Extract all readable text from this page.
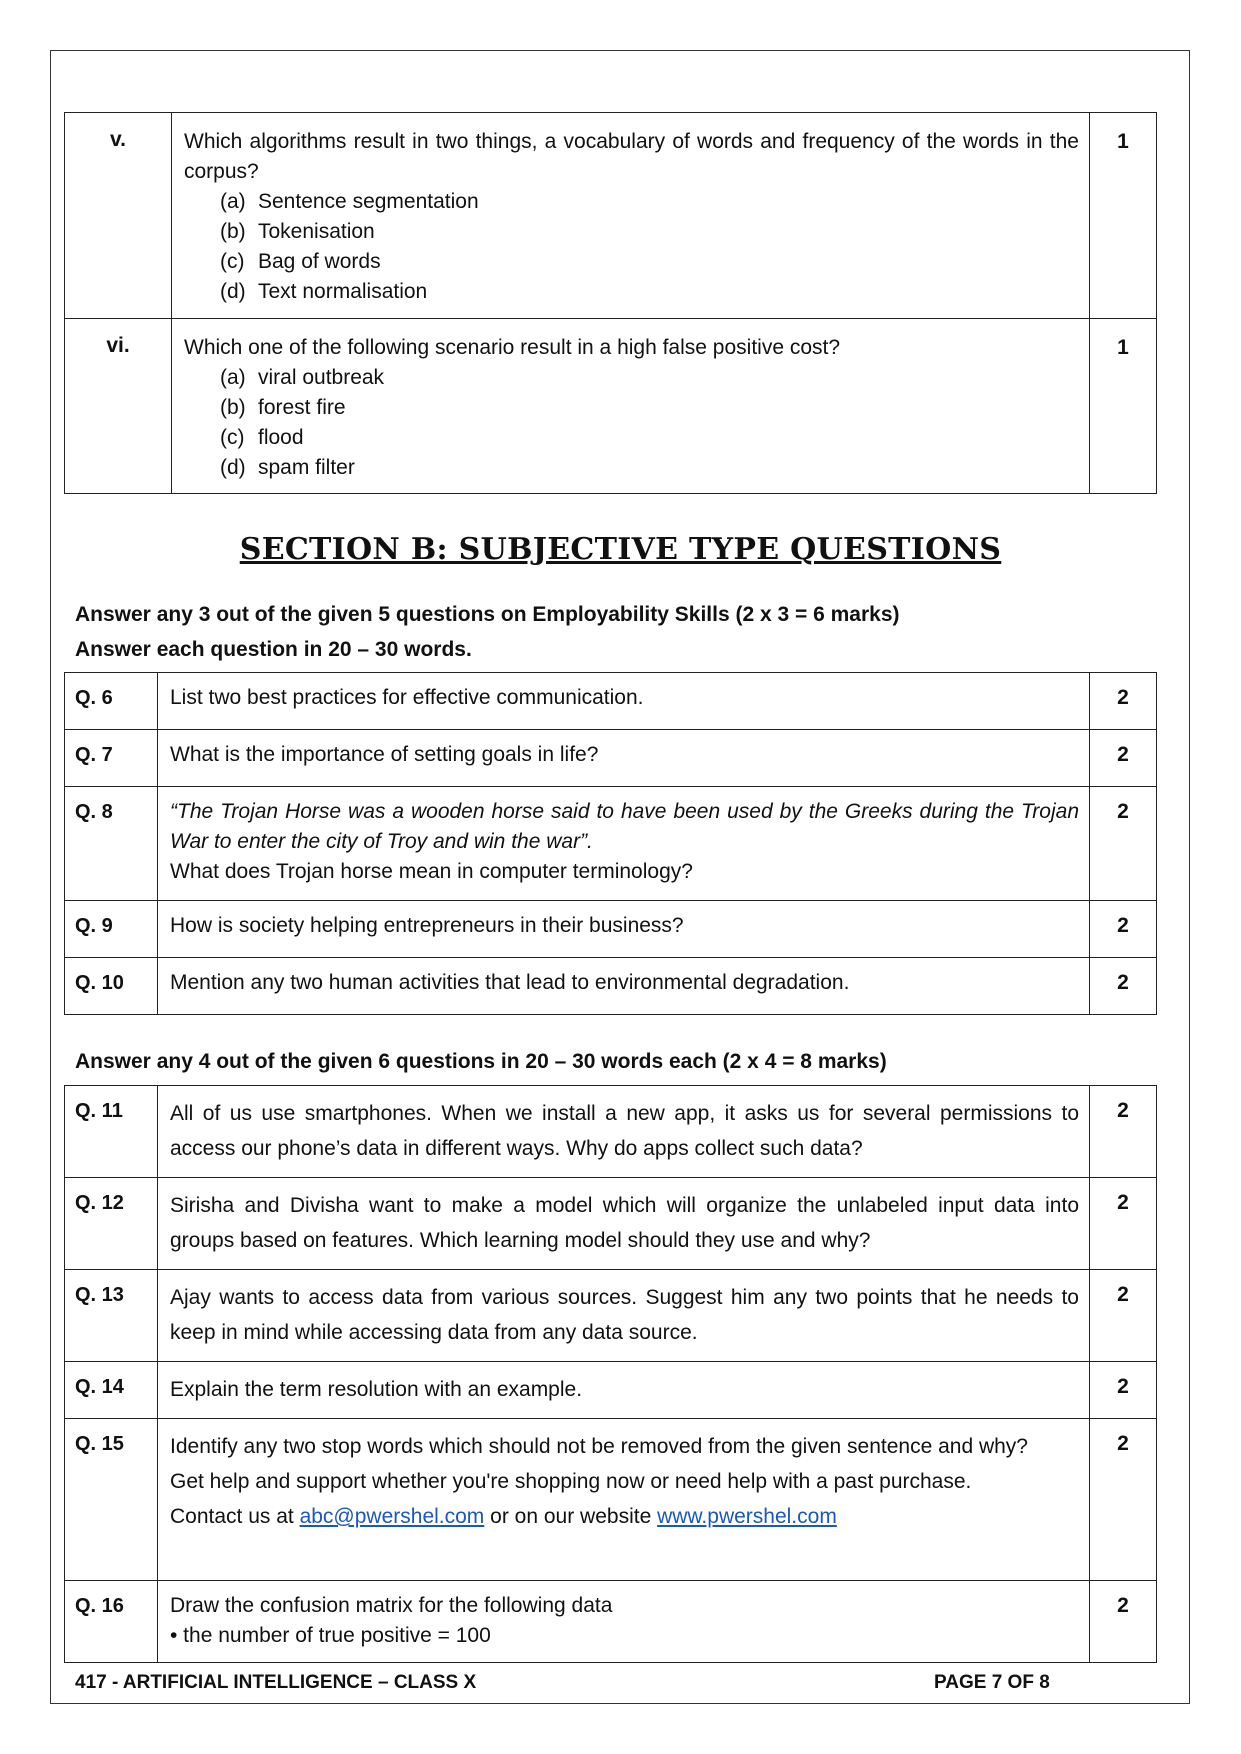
v.	Which algorithms result in two things, a vocabulary of words and frequency of the words in the corpus?
(a) Sentence segmentation
(b) Tokenisation
(c) Bag of words
(d) Text normalisation	1
vi.	Which one of the following scenario result in a high false positive cost?
(a) viral outbreak
(b) forest fire
(c) flood
(d) spam filter	1
SECTION B: SUBJECTIVE TYPE QUESTIONS
Answer any 3 out of the given 5 questions on Employability Skills (2 x 3 = 6 marks)
Answer each question in 20 – 30 words.
Q. 6	List two best practices for effective communication.	2
Q. 7	What is the importance of setting goals in life?	2
Q. 8	“The Trojan Horse was a wooden horse said to have been used by the Greeks during the Trojan War to enter the city of Troy and win the war”.
What does Trojan horse mean in computer terminology?	2
Q. 9	How is society helping entrepreneurs in their business?	2
Q. 10	Mention any two human activities that lead to environmental degradation.	2
Answer any 4 out of the given 6 questions in 20 – 30 words each (2 x 4 = 8 marks)
Q. 11	All of us use smartphones. When we install a new app, it asks us for several permissions to access our phone’s data in different ways. Why do apps collect such data?	2
Q. 12	Sirisha and Divisha want to make a model which will organize the unlabeled input data into groups based on features. Which learning model should they use and why?	2
Q. 13	Ajay wants to access data from various sources. Suggest him any two points that he needs to keep in mind while accessing data from any data source.	2
Q. 14	Explain the term resolution with an example.	2
Q. 15	Identify any two stop words which should not be removed from the given sentence and why?
Get help and support whether you're shopping now or need help with a past purchase.
Contact us at abc@pwershel.com or on our website www.pwershel.com	2
Q. 16	Draw the confusion matrix for the following data
• the number of true positive = 100	2
417 - ARTIFICIAL INTELLIGENCE – CLASS X	PAGE 7 OF 8
